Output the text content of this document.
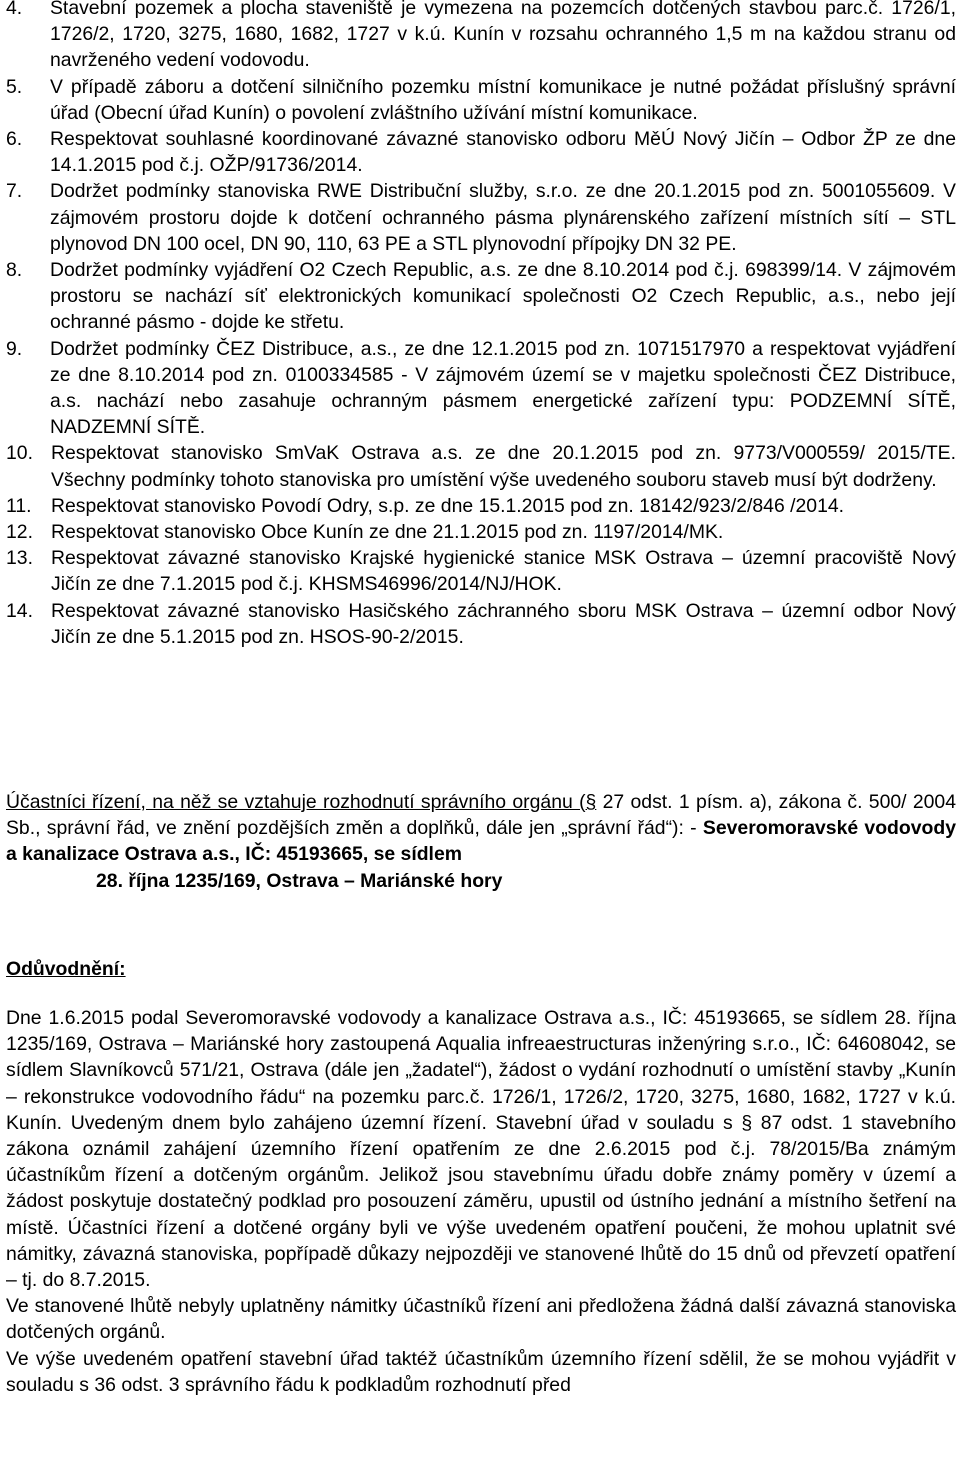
4.	Stavební pozemek a plocha staveniště je vymezena na pozemcích dotčených stavbou parc.č. 1726/1, 1726/2, 1720, 3275, 1680, 1682, 1727 v k.ú. Kunín v rozsahu ochranného 1,5 m na každou stranu od navrženého vedení vodovodu.
5.	V případě záboru a dotčení silničního pozemku místní komunikace je nutné požádat příslušný správní úřad (Obecní úřad Kunín) o povolení zvláštního užívání místní komunikace.
6.	Respektovat souhlasné koordinované závazné stanovisko odboru MěÚ Nový Jičín – Odbor ŽP ze dne 14.1.2015 pod č.j. OŽP/91736/2014.
7.	Dodržet podmínky stanoviska RWE Distribuční služby, s.r.o. ze dne 20.1.2015 pod zn. 5001055609. V zájmovém prostoru dojde k dotčení ochranného pásma plynárenského zařízení místních sítí – STL plynovod DN 100 ocel, DN 90, 110, 63 PE a STL plynovodní přípojky DN 32 PE.
8.	Dodržet podmínky vyjádření O2 Czech Republic, a.s. ze dne 8.10.2014 pod č.j. 698399/14. V zájmovém prostoru se nachází síť elektronických komunikací společnosti O2 Czech Republic, a.s., nebo její ochranné pásmo - dojde ke střetu.
9.	Dodržet podmínky ČEZ Distribuce, a.s., ze dne 12.1.2015 pod zn. 1071517970 a respektovat vyjádření ze dne 8.10.2014 pod zn. 0100334585 - V zájmovém území se v majetku společnosti ČEZ Distribuce, a.s. nachází nebo zasahuje ochranným pásmem energetické zařízení typu: PODZEMNÍ SÍTĚ, NADZEMNÍ SÍTĚ.
10. Respektovat stanovisko SmVaK Ostrava a.s. ze dne 20.1.2015 pod zn. 9773/V000559/ 2015/TE. Všechny podmínky tohoto stanoviska pro umístění výše uvedeného souboru staveb musí být dodrženy.
11.	Respektovat stanovisko Povodí Odry, s.p. ze dne 15.1.2015 pod zn. 18142/923/2/846 /2014.
12. Respektovat stanovisko Obce Kunín ze dne 21.1.2015 pod zn. 1197/2014/MK.
13. Respektovat závazné stanovisko Krajské hygienické stanice MSK Ostrava – územní pracoviště Nový Jičín ze dne 7.1.2015 pod č.j. KHSMS46996/2014/NJ/HOK.
14. Respektovat závazné stanovisko Hasičského záchranného sboru MSK Ostrava – územní odbor Nový Jičín ze dne 5.1.2015 pod zn. HSOS-90-2/2015.
Účastníci řízení, na něž se vztahuje rozhodnutí správního orgánu (§ 27 odst. 1 písm. a), zákona č. 500/ 2004 Sb., správní řád, ve znění pozdějších změn a doplňků, dále jen „správní řád“): - Severomoravské vodovody a kanalizace Ostrava a.s., IČ: 45193665, se sídlem
28. října 1235/169, Ostrava – Mariánské hory
Odůvodnění:

Dne 1.6.2015 podal Severomoravské vodovody a kanalizace Ostrava a.s., IČ: 45193665, se sídlem 28. října 1235/169, Ostrava – Mariánské hory zastoupená Aqualia infreaestructuras inženýring s.r.o., IČ: 64608042, se sídlem Slavníkovců 571/21, Ostrava (dále jen „žadatel“), žádost o vydání rozhodnutí o umístění stavby „Kunín – rekonstrukce vodovodního řádu“ na pozemku parc.č. 1726/1, 1726/2, 1720, 3275, 1680, 1682, 1727 v k.ú. Kunín. Uvedeným dnem bylo zahájeno územní řízení. Stavební úřad v souladu s § 87 odst. 1 stavebního zákona oznámil zahájení územního řízení opatřením ze dne 2.6.2015 pod č.j. 78/2015/Ba známým účastníkům řízení a dotčeným orgánům. Jelikož jsou stavebnímu úřadu dobře známy poměry v území a žádost poskytuje dostatečný podklad pro posouzení záměru, upustil od ústního jednání a místního šetření na místě. Účastníci řízení a dotčené orgány byli ve výše uvedeném opatření poučeni, že mohou uplatnit své námitky, závazná stanoviska, popřípadě důkazy nejpozději ve stanovené lhůtě do 15 dnů od převzetí opatření – tj. do 8.7.2015.

Ve stanovené lhůtě nebyly uplatněny námitky účastníků řízení ani předložena žádná další závazná stanoviska dotčených orgánů.

Ve výše uvedeném opatření stavební úřad taktéž účastníkům územního řízení sdělil, že se mohou vyjádřit v souladu s 36 odst. 3 správního řádu k podkladům rozhodnutí před
